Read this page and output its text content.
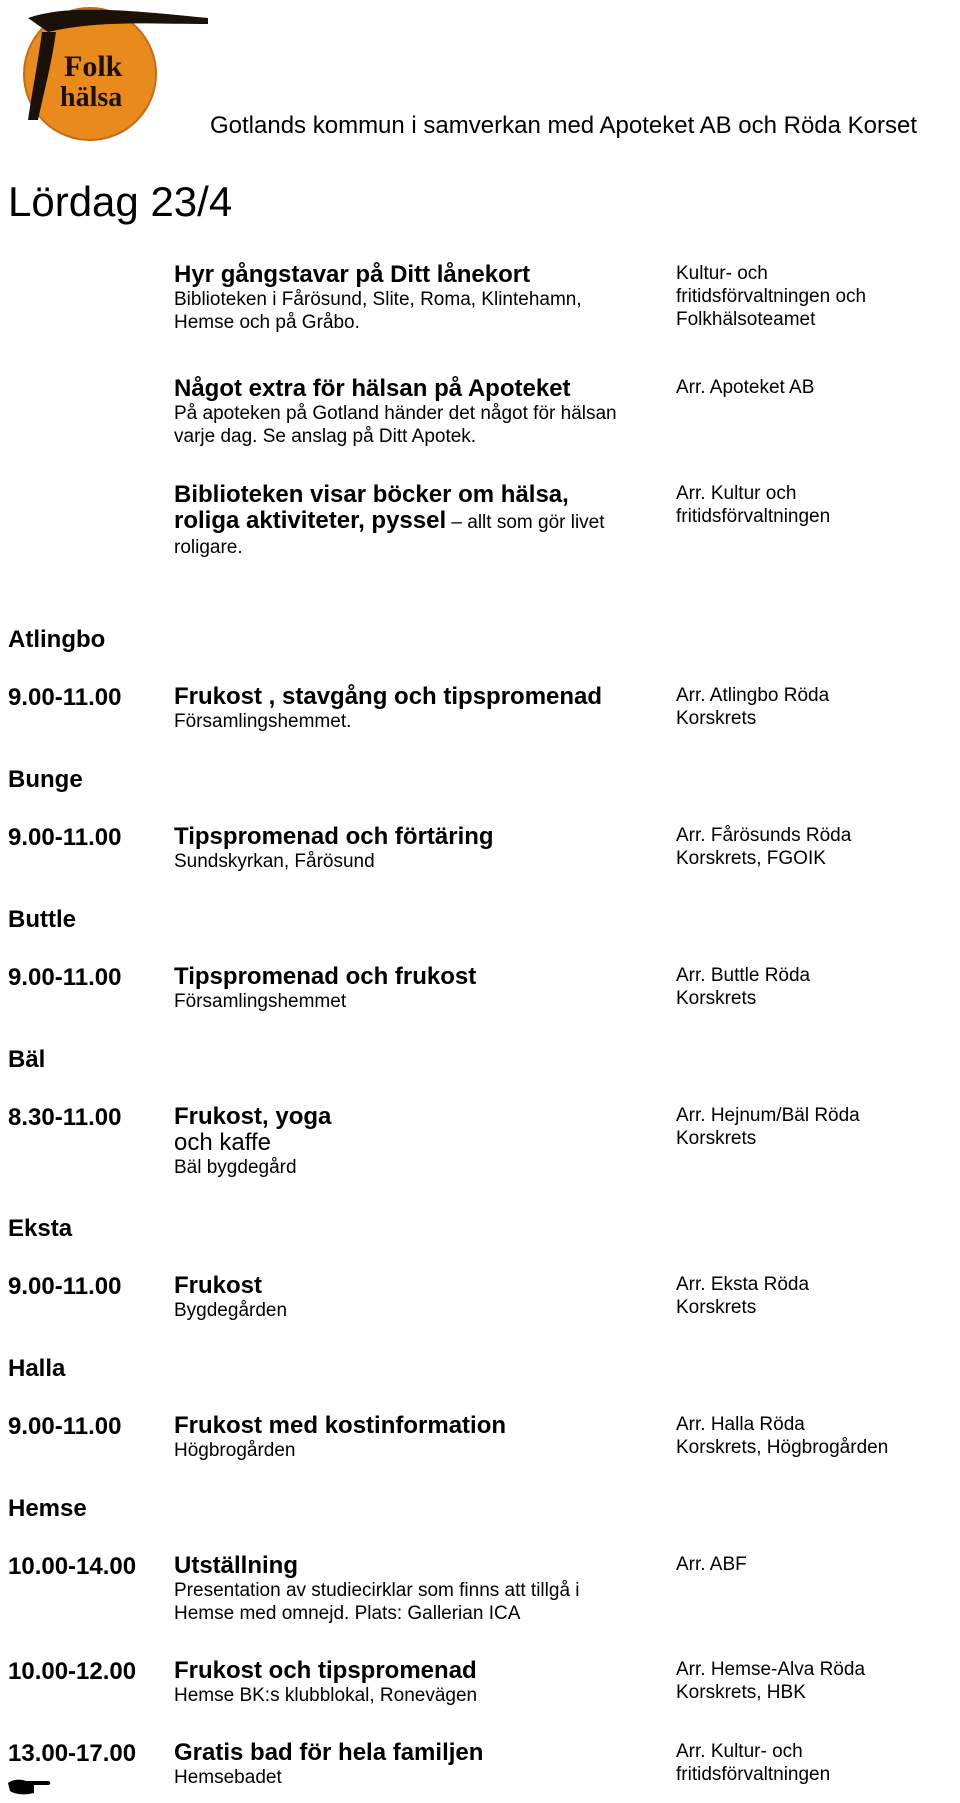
Folk
hälsa
Gotlands kommun i samverkan med Apoteket AB och Röda Korset
Lördag 23/4
Hyr gångstavar på Ditt lånekort
Biblioteken i Fårösund, Slite, Roma, Klintehamn,
Hemse och på Gråbo.
Kultur- och
fritidsförvaltningen och
Folkhälsoteamet
Något extra för hälsan på Apoteket
På apoteken på Gotland händer det något för hälsan
varje dag. Se anslag på Ditt Apotek.
Arr. Apoteket AB
Biblioteken visar böcker om hälsa,
roliga aktiviteter, pyssel – allt som gör livet
roligare.
Arr. Kultur och
fritidsförvaltningen
Atlingbo
9.00-11.00 Frukost , stavgång och tipspromenad
Församlingshemmet.
Arr. Atlingbo Röda
Korskrets
Bunge
9.00-11.00 Tipspromenad och förtäring
Sundskyrkan, Fårösund
Arr. Fårösunds Röda
Korskrets, FGOIK
Buttle
9.00-11.00 Tipspromenad och frukost
Församlingshemmet
Arr. Buttle Röda
Korskrets
Bäl
8.30-11.00 Frukost, yoga
och kaffe
Bäl bygdegård
Arr. Hejnum/Bäl Röda
Korskrets
Eksta
9.00-11.00 Frukost
Bygdegården
Arr. Eksta Röda
Korskrets
Halla
9.00-11.00 Frukost med kostinformation
Högbrogården
Arr. Halla Röda
Korskrets, Högbrogården
Hemse
10.00-14.00 Utställning
Presentation av studiecirklar som finns att tillgå i
Hemse med omnejd. Plats: Gallerian ICA
Arr. ABF
10.00-12.00 Frukost och tipspromenad
Hemse BK:s klubblokal, Ronevägen
Arr. Hemse-Alva Röda
Korskrets, HBK
13.00-17.00 Gratis bad för hela familjen
Hemsebadet
Arr. Kultur- och
fritidsförvaltningen
